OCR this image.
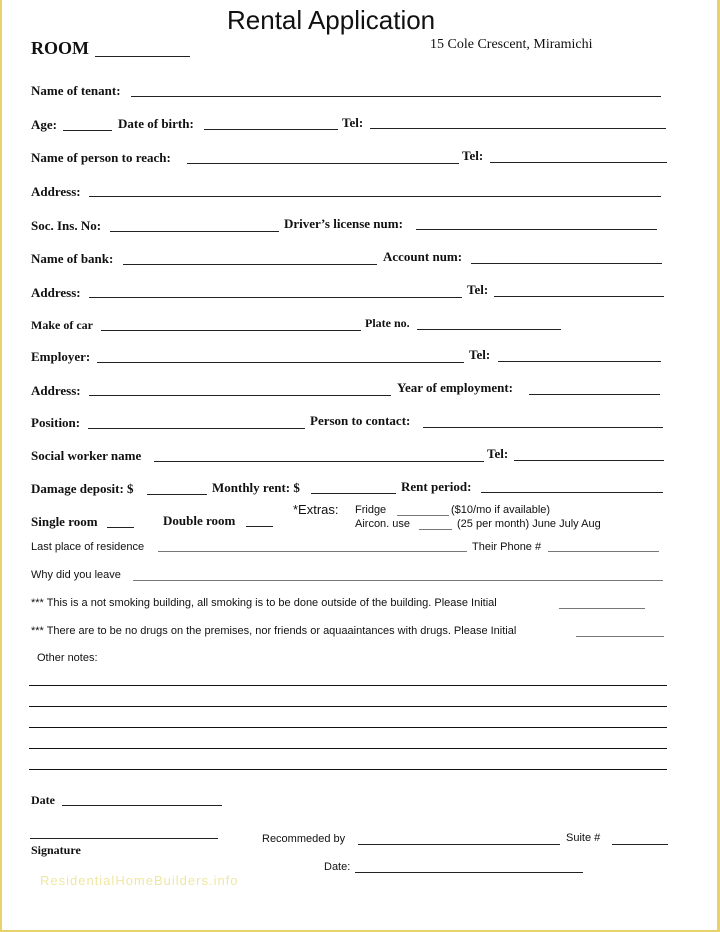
Rental Application
ROOM	15 Cole Crescent, Miramichi
Name of tenant:
Age:	Date of birth:	Tel:
Name of person to reach:	Tel:
Address:
Soc. Ins. No:	Driver’s license num:
Name of bank:	Account num:
Address:	Tel:
Make of car	Plate no.
Employer:	Tel:
Address:	Year of employment:
Position:	Person to contact:
Social worker name	Tel:
Damage deposit: $	Monthly rent: $	Rent period:
Single room	Double room
*Extras: Fridge	($10/mo if available)
Aircon. use	(25 per month) June July Aug
Last place of residence	Their Phone #
Why did you leave
*** This is a not smoking building, all smoking is to be done outside of the building. Please Initial
*** There are to be no drugs on the premises, nor friends or aquaaintances with drugs. Please Initial
Other notes:
Date
Signature
Recommeded by	Suite #
Date:
ResidentialHomeBuilders.info
